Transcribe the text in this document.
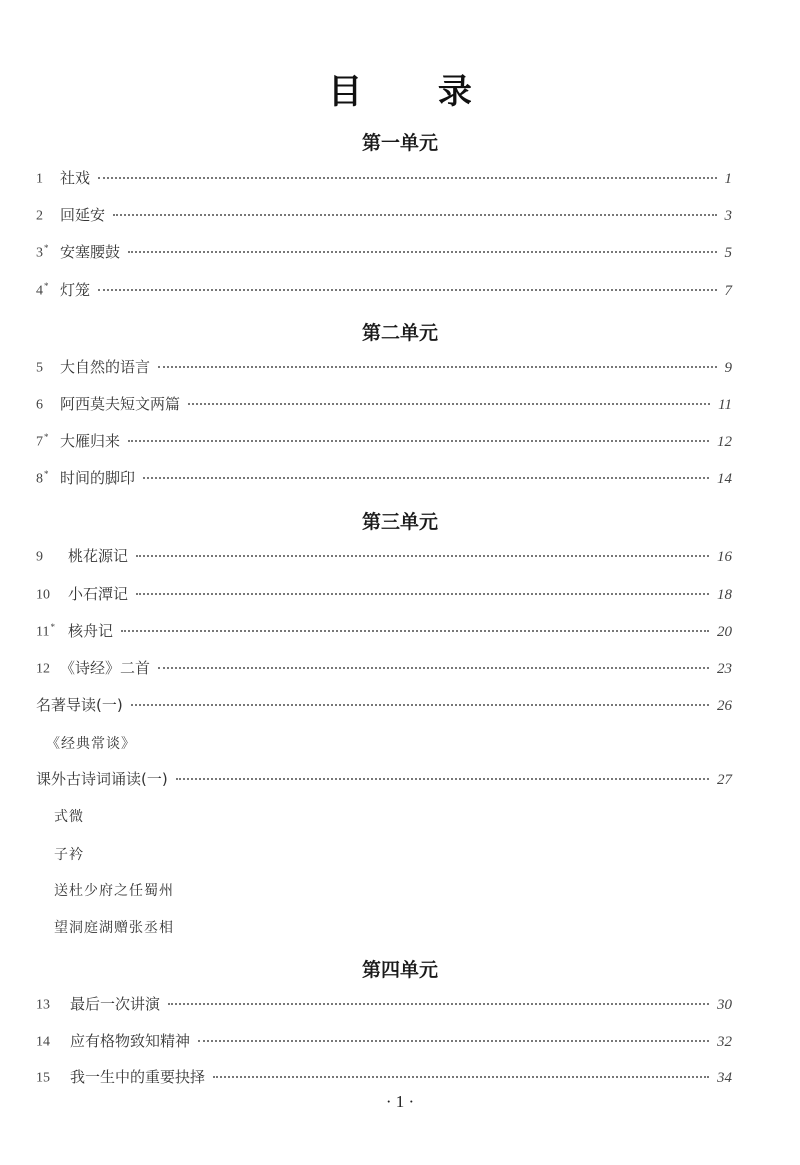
目 录
第一单元
1	社戏	1
2	回延安	3
3* 安塞腰鼓	5
4* 灯笼	7
第二单元
5	大自然的语言	9
6	阿西莫夫短文两篇	11
7* 大雁归来	12
8* 时间的脚印	14
第三单元
9	桃花源记	16
10	小石潭记	18
11* 核舟记	20
12 《诗经》二首	23
名著导读(一)	26
《经典常谈》
课外古诗词诵读(一)	27
式微
子衿
送杜少府之任蜀州
望洞庭湖赠张丞相
第四单元
13	最后一次讲演	30
14	应有格物致知精神	32
15	我一生中的重要抉择	34
· 1 ·
